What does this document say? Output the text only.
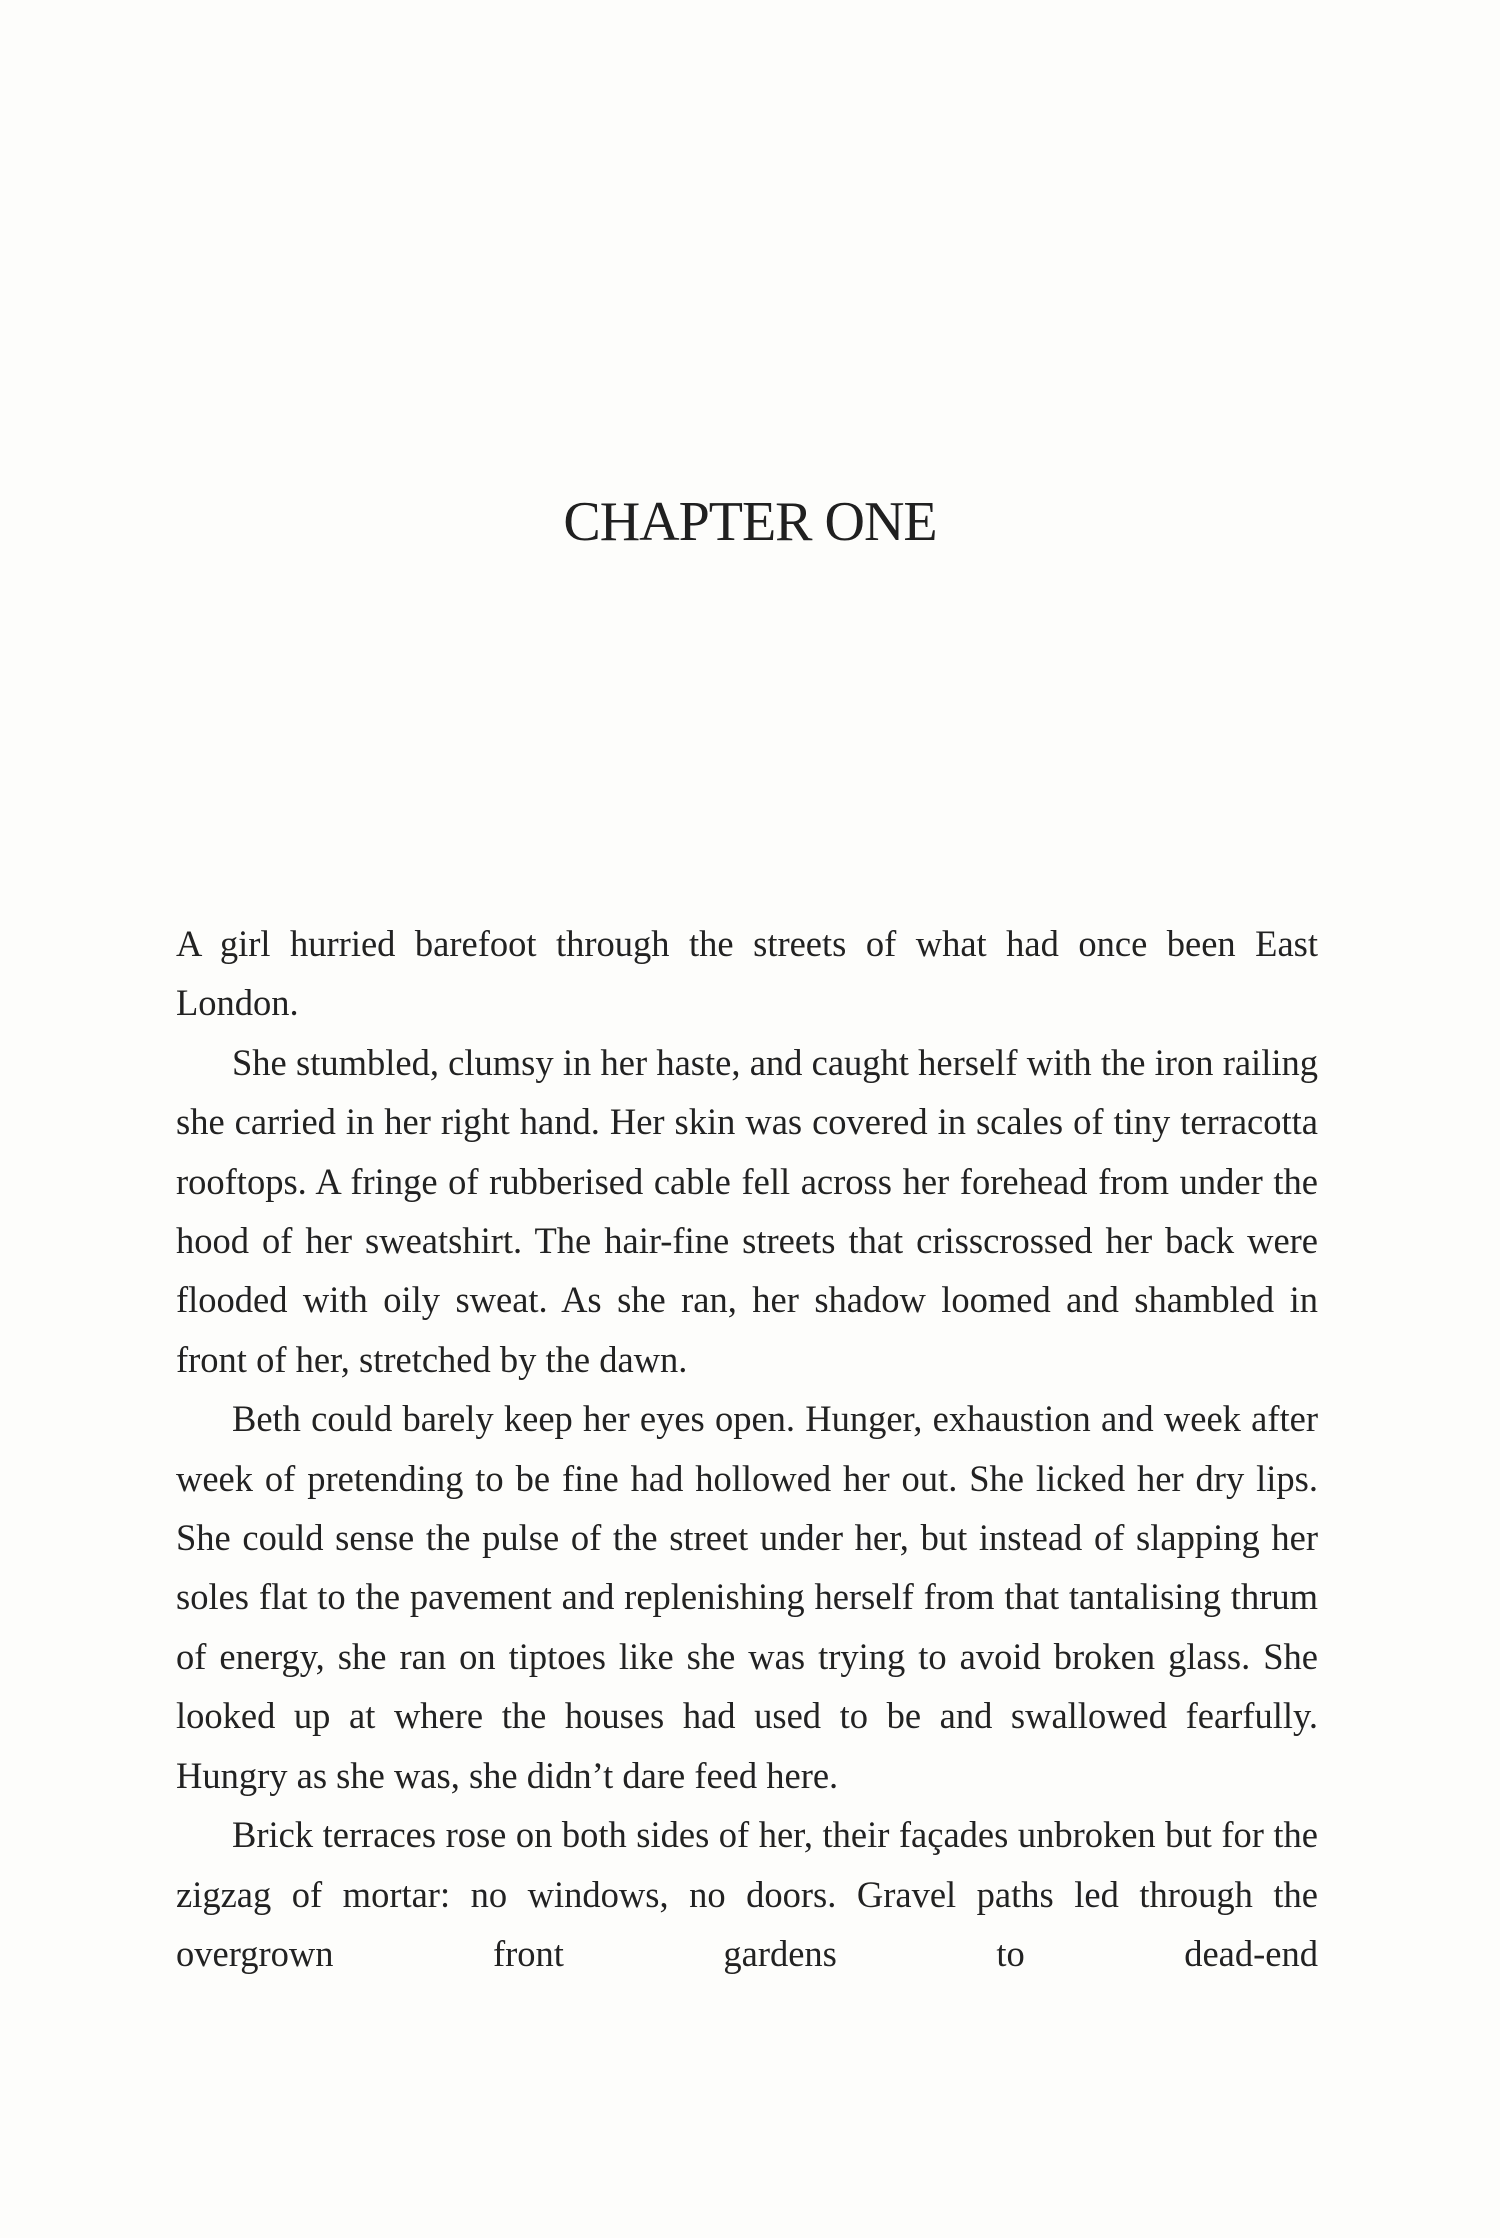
CHAPTER ONE

A girl hurried barefoot through the streets of what had once been East London.

She stumbled, clumsy in her haste, and caught herself with the iron railing she carried in her right hand. Her skin was covered in scales of tiny terracotta rooftops. A fringe of rubberised cable fell across her forehead from under the hood of her sweatshirt. The hair-fine streets that crisscrossed her back were flooded with oily sweat. As she ran, her shadow loomed and shambled in front of her, stretched by the dawn.

Beth could barely keep her eyes open. Hunger, exhaustion and week after week of pretending to be fine had hollowed her out. She licked her dry lips. She could sense the pulse of the street under her, but instead of slapping her soles flat to the pavement and replenishing herself from that tantalising thrum of energy, she ran on tiptoes like she was trying to avoid broken glass. She looked up at where the houses had used to be and swallowed fearfully. Hungry as she was, she didn’t dare feed here.

Brick terraces rose on both sides of her, their façades unbroken but for the zigzag of mortar: no windows, no doors. Gravel paths led through the overgrown front gardens to dead-end
